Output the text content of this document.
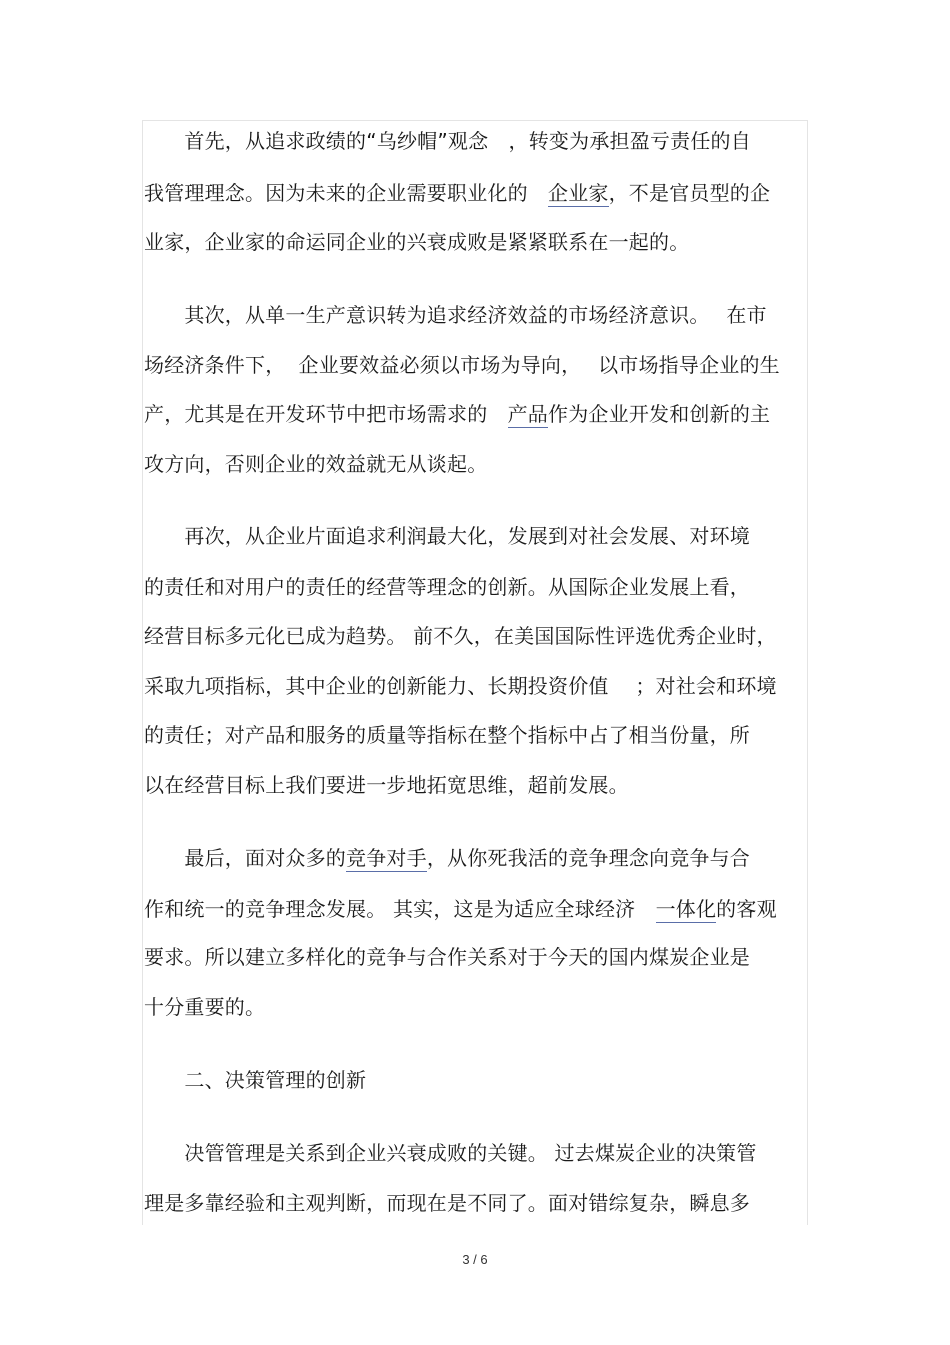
　　首先，从追求政绩的“乌纱帽”观念　，转变为承担盈亏责任的自
我管理理念。因为未来的企业需要职业化的　企业家，不是官员型的企
业家，企业家的命运同企业的兴衰成败是紧紧联系在一起的。
　　其次，从单一生产意识转为追求经济效益的市场经济意识。　 在市
场经济条件下，  企业要效益必须以市场为导向，　 以市场指导企业的生
产，尤其是在开发环节中把市场需求的　产品作为企业开发和创新的主
攻方向，否则企业的效益就无从谈起。
　　再次，从企业片面追求利润最大化，发展到对社会发展、对环境
的责任和对用户的责任的经营等理念的创新。从国际企业发展上看，
经营目标多元化已成为趋势。 前不久，在美国国际性评选优秀企业时，
采取九项指标，其中企业的创新能力、长期投资价值　 ；对社会和环境
的责任；对产品和服务的质量等指标在整个指标中占了相当份量，所
以在经营目标上我们要进一步地拓宽思维，超前发展。
　　最后，面对众多的竞争对手，从你死我活的竞争理念向竞争与合
作和统一的竞争理念发展。 其实，这是为适应全球经济　一体化的客观
要求。所以建立多样化的竞争与合作关系对于今天的国内煤炭企业是
十分重要的。
　　二、决策管理的创新
　　决管管理是关系到企业兴衰成败的关键。 过去煤炭企业的决策管
理是多靠经验和主观判断，而现在是不同了。面对错综复杂，瞬息多
3 / 6
